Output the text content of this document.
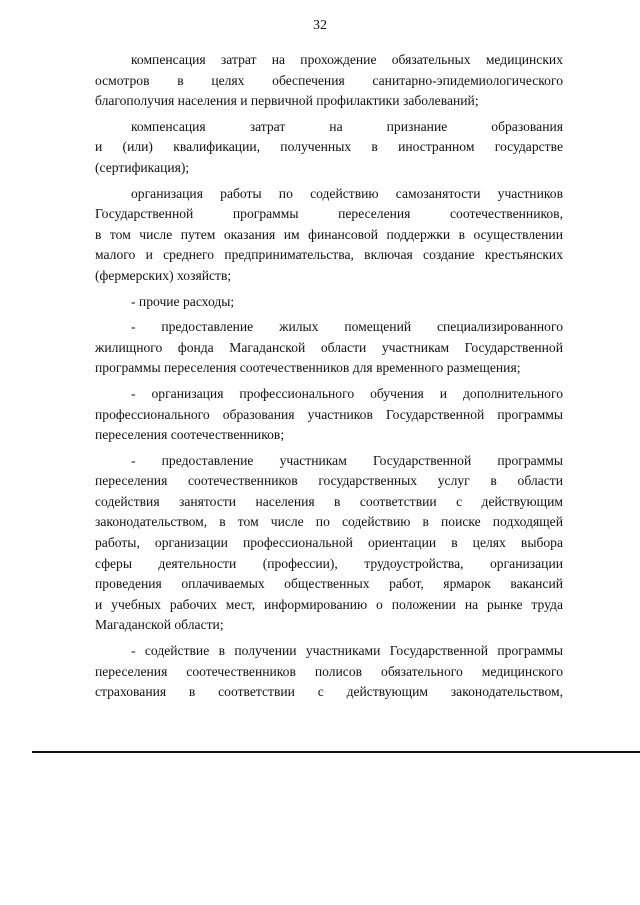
32
компенсация затрат на прохождение обязательных медицинских
осмотров в целях обеспечения санитарно-эпидемиологического
благополучия населения и первичной профилактики заболеваний;
компенсация затрат на признание образования
и (или) квалификации, полученных в иностранном государстве
(сертификация);
организация работы по содействию самозанятости участников
Государственной программы переселения соотечественников,
в том числе путем оказания им финансовой поддержки в осуществлении
малого и среднего предпринимательства, включая создание крестьянских
(фермерских) хозяйств;
- прочие расходы;
- предоставление жилых помещений специализированного
жилищного фонда Магаданской области участникам Государственной
программы переселения соотечественников для временного размещения;
- организация профессионального обучения и дополнительного
профессионального образования участников Государственной программы
переселения соотечественников;
- предоставление участникам Государственной программы
переселения соотечественников государственных услуг в области
содействия занятости населения в соответствии с действующим
законодательством, в том числе по содействию в поиске подходящей
работы, организации профессиональной ориентации в целях выбора
сферы деятельности (профессии), трудоустройства, организации
проведения оплачиваемых общественных работ, ярмарок вакансий
и учебных рабочих мест, информированию о положении на рынке труда
Магаданской области;
- содействие в получении участниками Государственной программы
переселения соотечественников полисов обязательного медицинского
страхования в соответствии с действующим законодательством,
